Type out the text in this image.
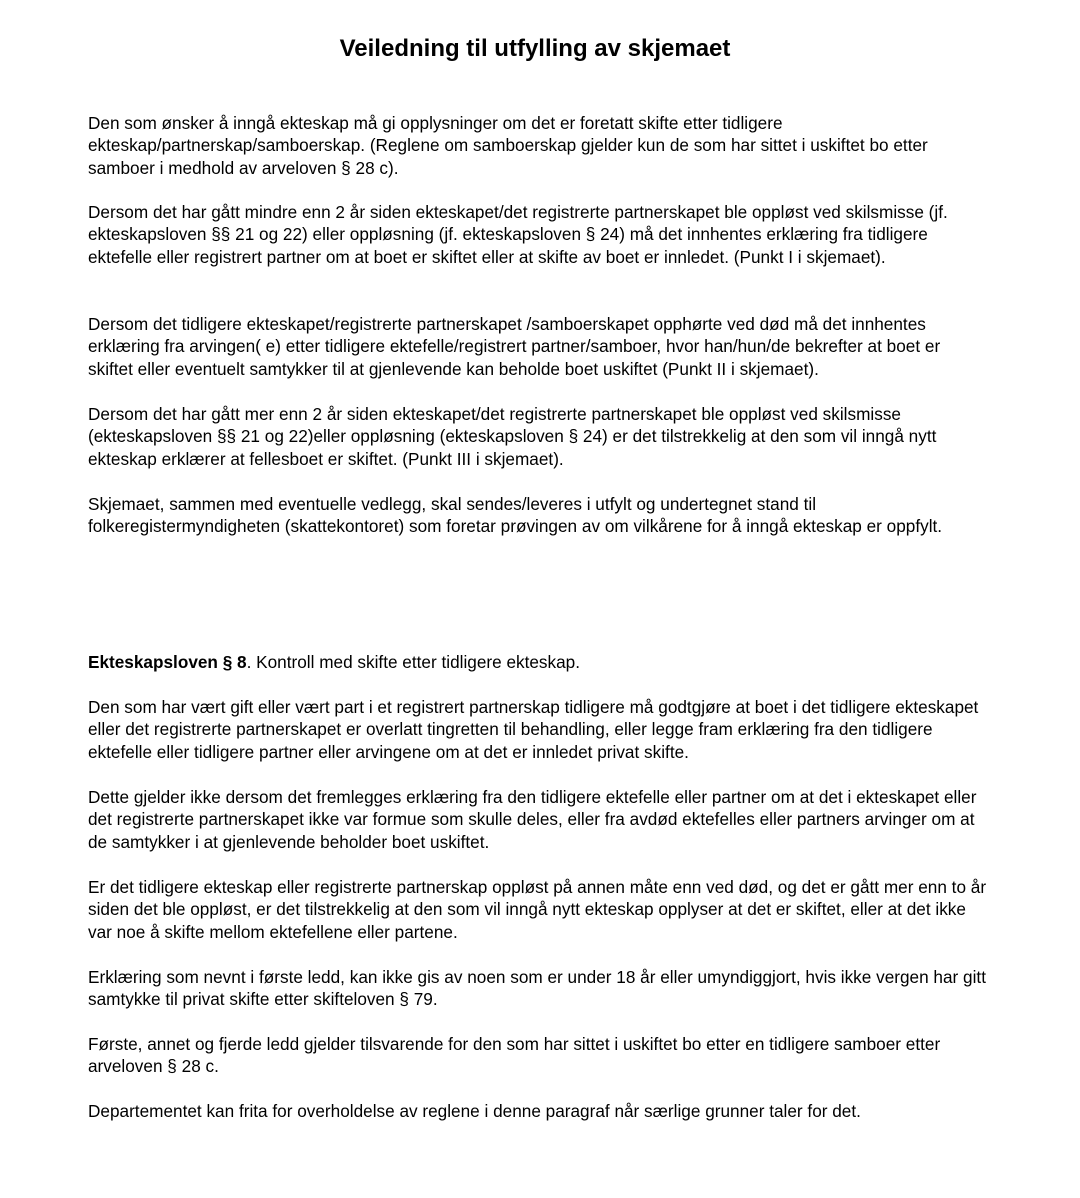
Veiledning til utfylling av skjemaet

Den som ønsker å inngå ekteskap må gi opplysninger om det er foretatt skifte etter tidligere ekteskap/partnerskap/samboerskap. (Reglene om samboerskap gjelder kun de som har sittet i uskiftet bo etter samboer i medhold av arveloven § 28 c).

Dersom det har gått mindre enn 2 år siden ekteskapet/det registrerte partnerskapet ble oppløst ved skilsmisse (jf. ekteskapsloven §§ 21 og 22) eller oppløsning (jf. ekteskapsloven § 24) må det innhentes erklæring fra tidligere ektefelle eller registrert partner om at boet er skiftet eller at skifte av boet er innledet. (Punkt I i skjemaet).

Dersom det tidligere ekteskapet/registrerte partnerskapet /samboerskapet opphørte ved død må det innhentes erklæring fra arvingen( e) etter tidligere ektefelle/registrert partner/samboer, hvor han/hun/de bekrefter at boet er skiftet eller eventuelt samtykker til at gjenlevende kan beholde boet uskiftet (Punkt II i skjemaet).

Dersom det har gått mer enn 2 år siden ekteskapet/det registrerte partnerskapet ble oppløst ved skilsmisse (ekteskapsloven §§ 21 og 22)eller oppløsning (ekteskapsloven § 24) er det tilstrekkelig at den som vil inngå nytt ekteskap erklærer at fellesboet er skiftet. (Punkt III i skjemaet).

Skjemaet, sammen med eventuelle vedlegg, skal sendes/leveres i utfylt og undertegnet stand til folkeregistermyndigheten (skattekontoret) som foretar prøvingen av om vilkårene for å inngå ekteskap er oppfylt.

Ekteskapsloven § 8. Kontroll med skifte etter tidligere ekteskap.

Den som har vært gift eller vært part i et registrert partnerskap tidligere må godtgjøre at boet i det tidligere ekteskapet eller det registrerte partnerskapet er overlatt tingretten til behandling, eller legge fram erklæring fra den tidligere ektefelle eller tidligere partner eller arvingene om at det er innledet privat skifte.

Dette gjelder ikke dersom det fremlegges erklæring fra den tidligere ektefelle eller partner om at det i ekteskapet eller det registrerte partnerskapet ikke var formue som skulle deles, eller fra avdød ektefelles eller partners arvinger om at de samtykker i at gjenlevende beholder boet uskiftet.

Er det tidligere ekteskap eller registrerte partnerskap oppløst på annen måte enn ved død, og det er gått mer enn to år siden det ble oppløst, er det tilstrekkelig at den som vil inngå nytt ekteskap opplyser at det er skiftet, eller at det ikke var noe å skifte mellom ektefellene eller partene.

Erklæring som nevnt i første ledd, kan ikke gis av noen som er under 18 år eller umyndiggjort, hvis ikke vergen har gitt samtykke til privat skifte etter skifteloven § 79.

Første, annet og fjerde ledd gjelder tilsvarende for den som har sittet i uskiftet bo etter en tidligere samboer etter arveloven § 28 c.

Departementet kan frita for overholdelse av reglene i denne paragraf når særlige grunner taler for det.
